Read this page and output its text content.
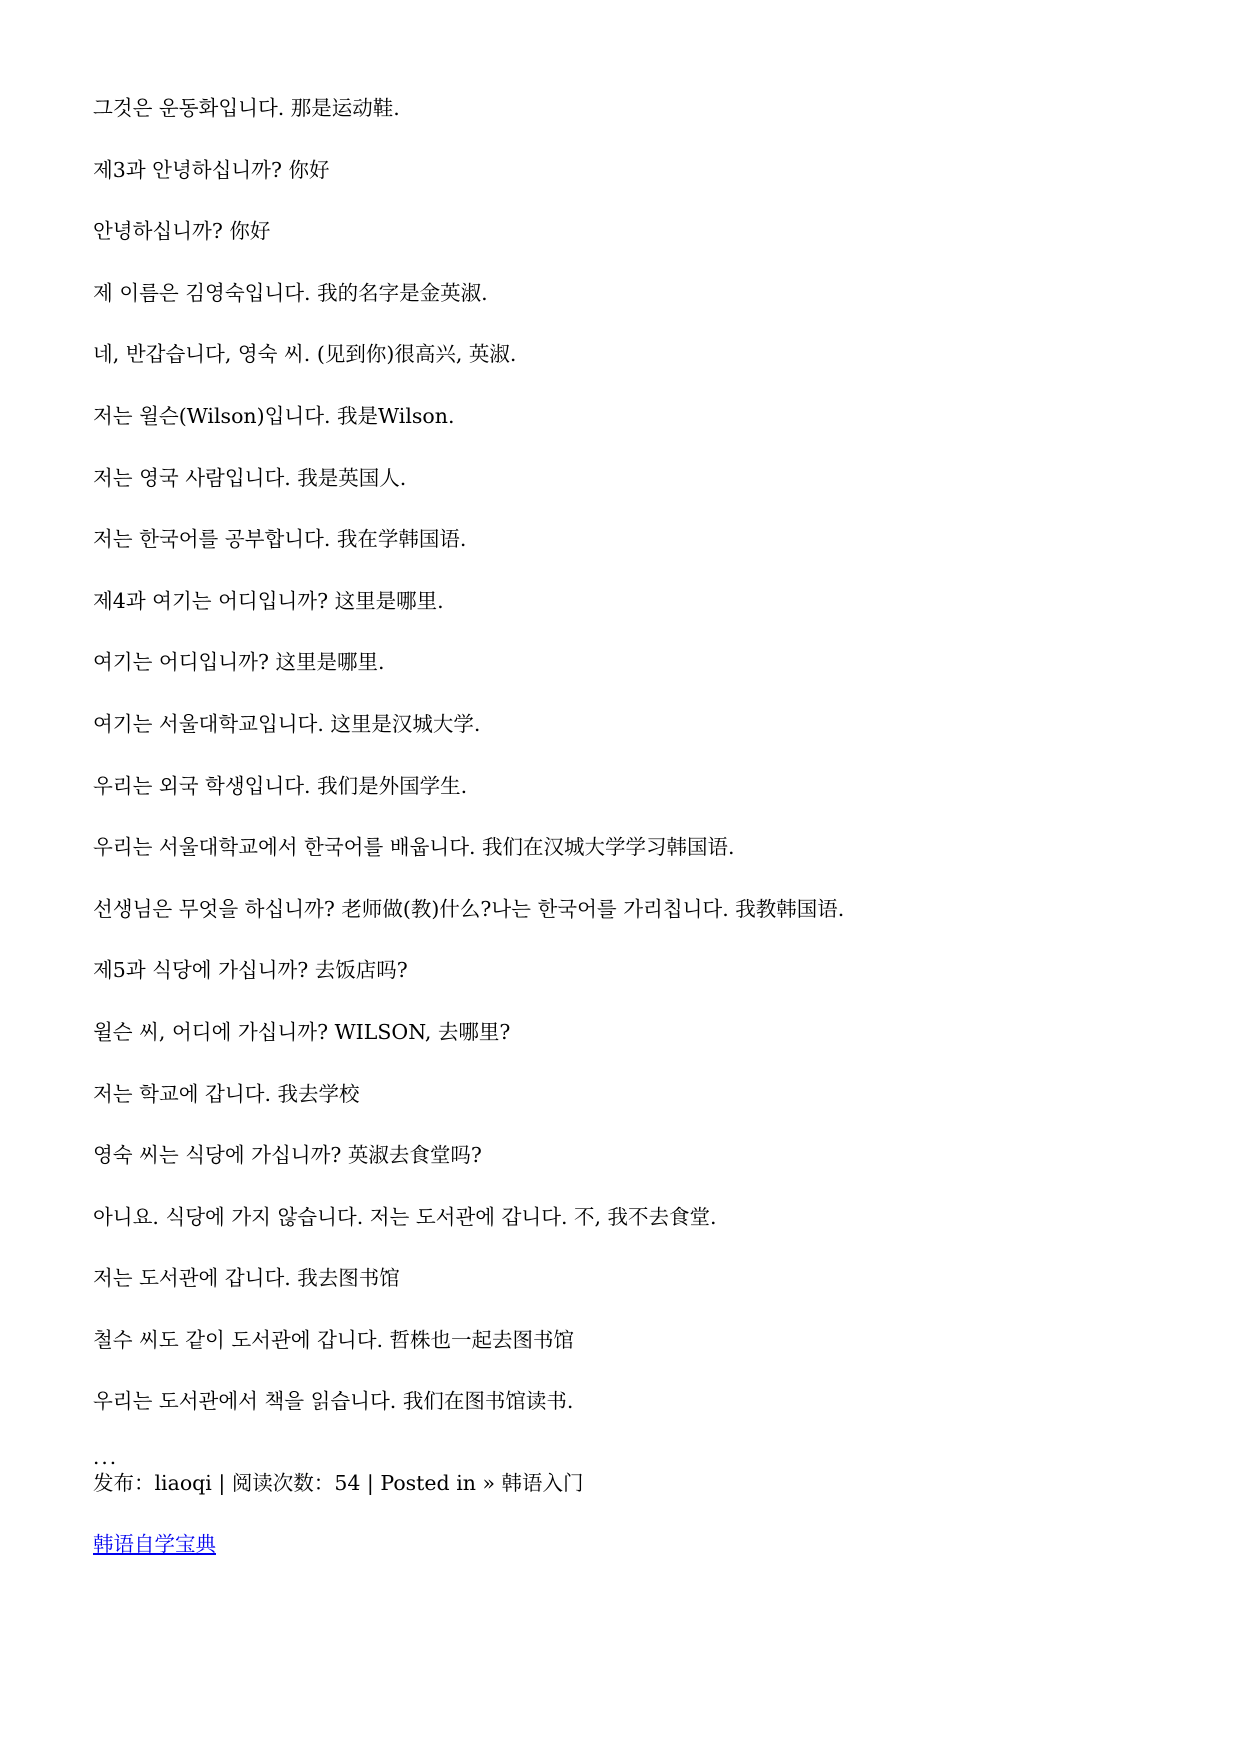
그것은 운동화입니다. 那是运动鞋.
제3과 안녕하십니까? 你好
안녕하십니까? 你好
제 이름은 김영숙입니다. 我的名字是金英淑.
네, 반갑습니다, 영숙 씨. (见到你)很高兴, 英淑.
저는 윌슨(Wilson)입니다. 我是Wilson.
저는 영국 사람입니다. 我是英国人.
저는 한국어를 공부합니다. 我在学韩国语.
제4과 여기는 어디입니까? 这里是哪里.
여기는 어디입니까? 这里是哪里.
여기는 서울대학교입니다. 这里是汉城大学.
우리는 외국 학생입니다. 我们是外国学生.
우리는 서울대학교에서 한국어를 배웁니다. 我们在汉城大学学习韩国语.
선생님은 무엇을 하십니까? 老师做(教)什么?나는 한국어를 가리칩니다. 我教韩国语.
제5과 식당에 가십니까? 去饭店吗?
윌슨 씨, 어디에 가십니까? WILSON, 去哪里?
저는 학교에 갑니다. 我去学校
영숙 씨는 식당에 가십니까? 英淑去食堂吗?
아니요. 식당에 가지 않습니다. 저는 도서관에 갑니다. 不, 我不去食堂.
저는 도서관에 갑니다. 我去图书馆
철수 씨도 같이 도서관에 갑니다. 哲株也一起去图书馆
우리는 도서관에서 책을 읽습니다. 我们在图书馆读书.
...
发布：liaoqi | 阅读次数：54 | Posted in » 韩语入门
韩语自学宝典
